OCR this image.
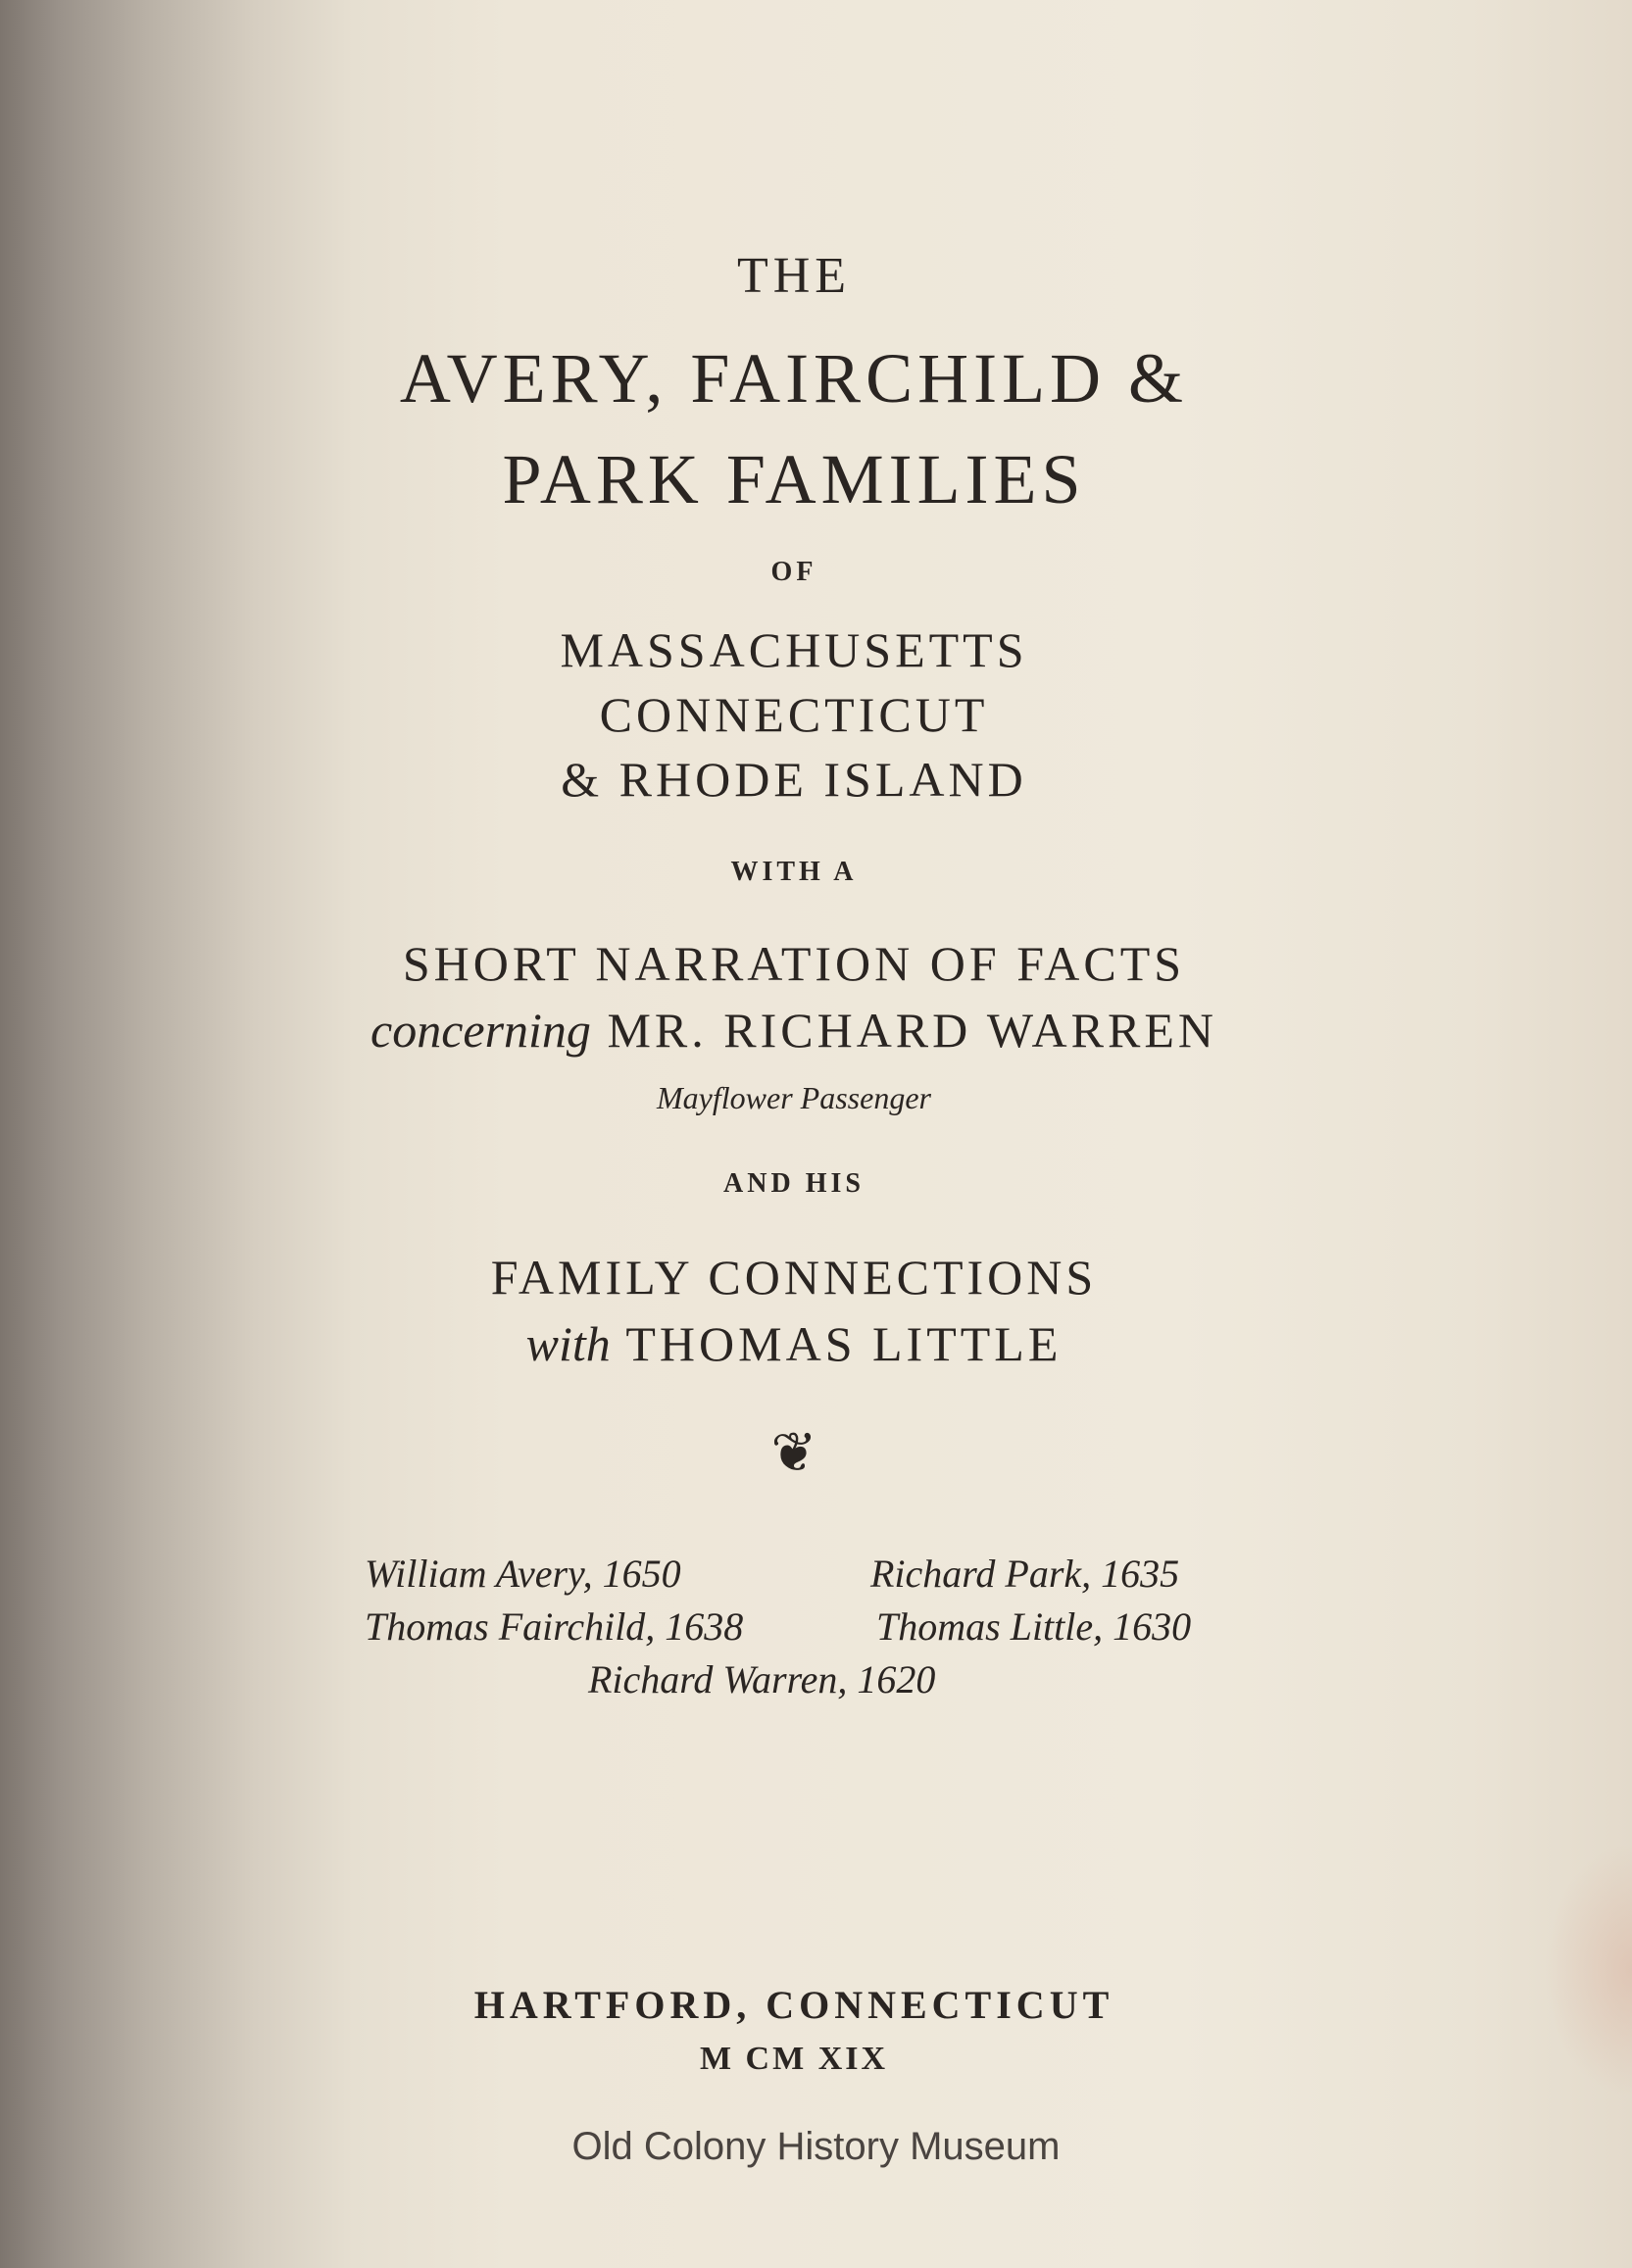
THE
AVERY, FAIRCHILD &
PARK FAMILIES
OF
MASSACHUSETTS
CONNECTICUT
& RHODE ISLAND
WITH A
SHORT NARRATION OF FACTS
concerning MR. RICHARD WARREN
Mayflower Passenger
AND HIS
FAMILY CONNECTIONS
with THOMAS LITTLE
❦
William Avery, 1650
Thomas Fairchild, 1638
Richard Park, 1635
Thomas Little, 1630
Richard Warren, 1620
HARTFORD, CONNECTICUT
M CM XIX
Old Colony History Museum
